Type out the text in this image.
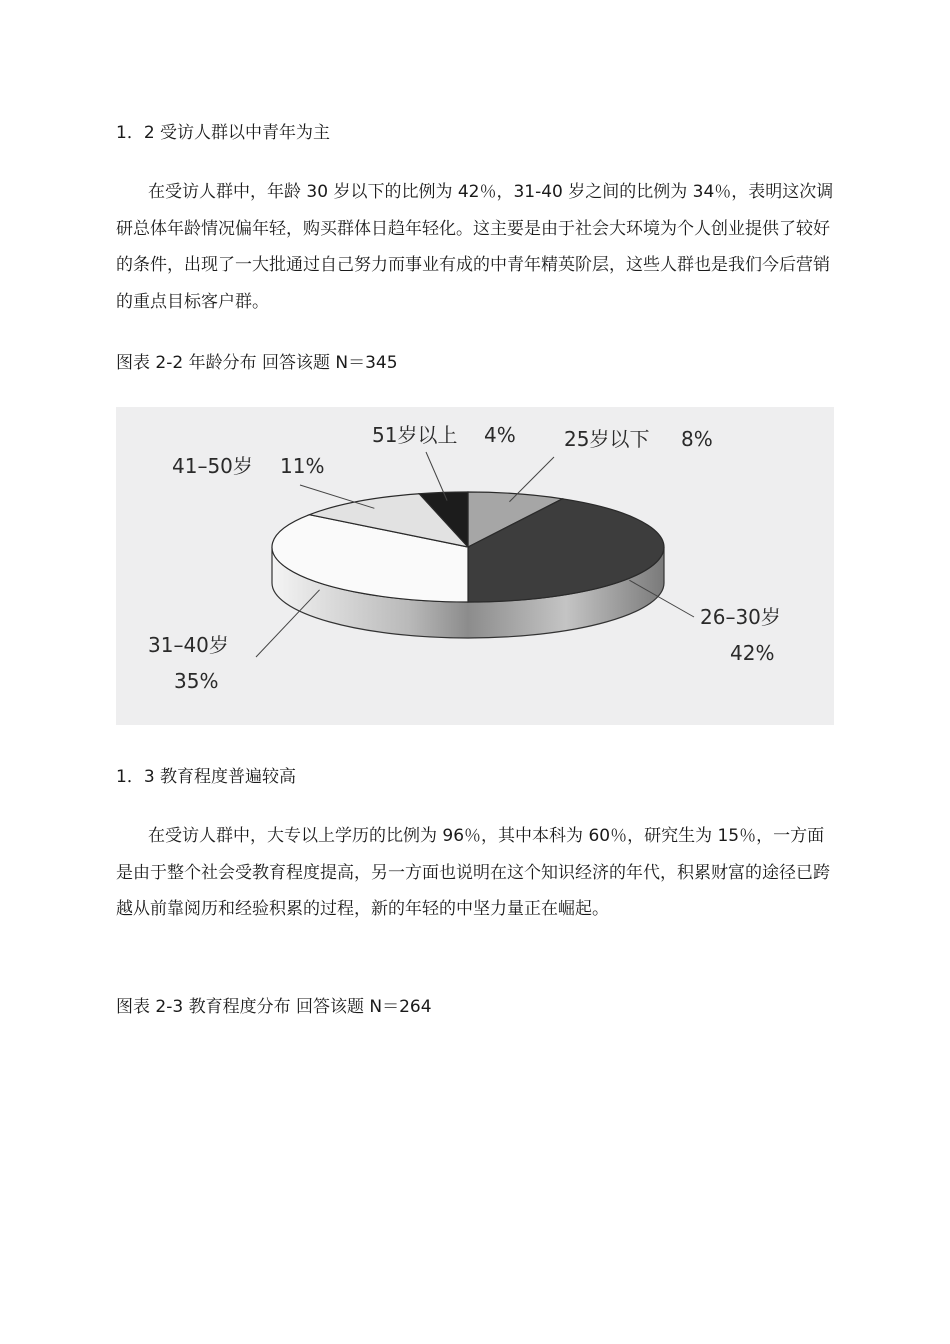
1．2 受访人群以中青年为主

在受访人群中，年龄 30 岁以下的比例为 42％，31-40 岁之间的比例为 34％，表明这次调研总体年龄情况偏年轻，购买群体日趋年轻化。这主要是由于社会大环境为个人创业提供了较好的条件，出现了一大批通过自己努力而事业有成的中青年精英阶层，这些人群也是我们今后营销的重点目标客户群。

图表 2-2 年龄分布 回答该题 N＝345
51岁以上 4% 25岁以下 8%
26–30岁
42%
31–40岁
35%
41–50岁 11%
1．3 教育程度普遍较高

在受访人群中，大专以上学历的比例为 96％，其中本科为 60％，研究生为 15％，一方面是由于整个社会受教育程度提高，另一方面也说明在这个知识经济的年代，积累财富的途径已跨越从前靠阅历和经验积累的过程，新的年轻的中坚力量正在崛起。

图表 2-3 教育程度分布 回答该题 N＝264
